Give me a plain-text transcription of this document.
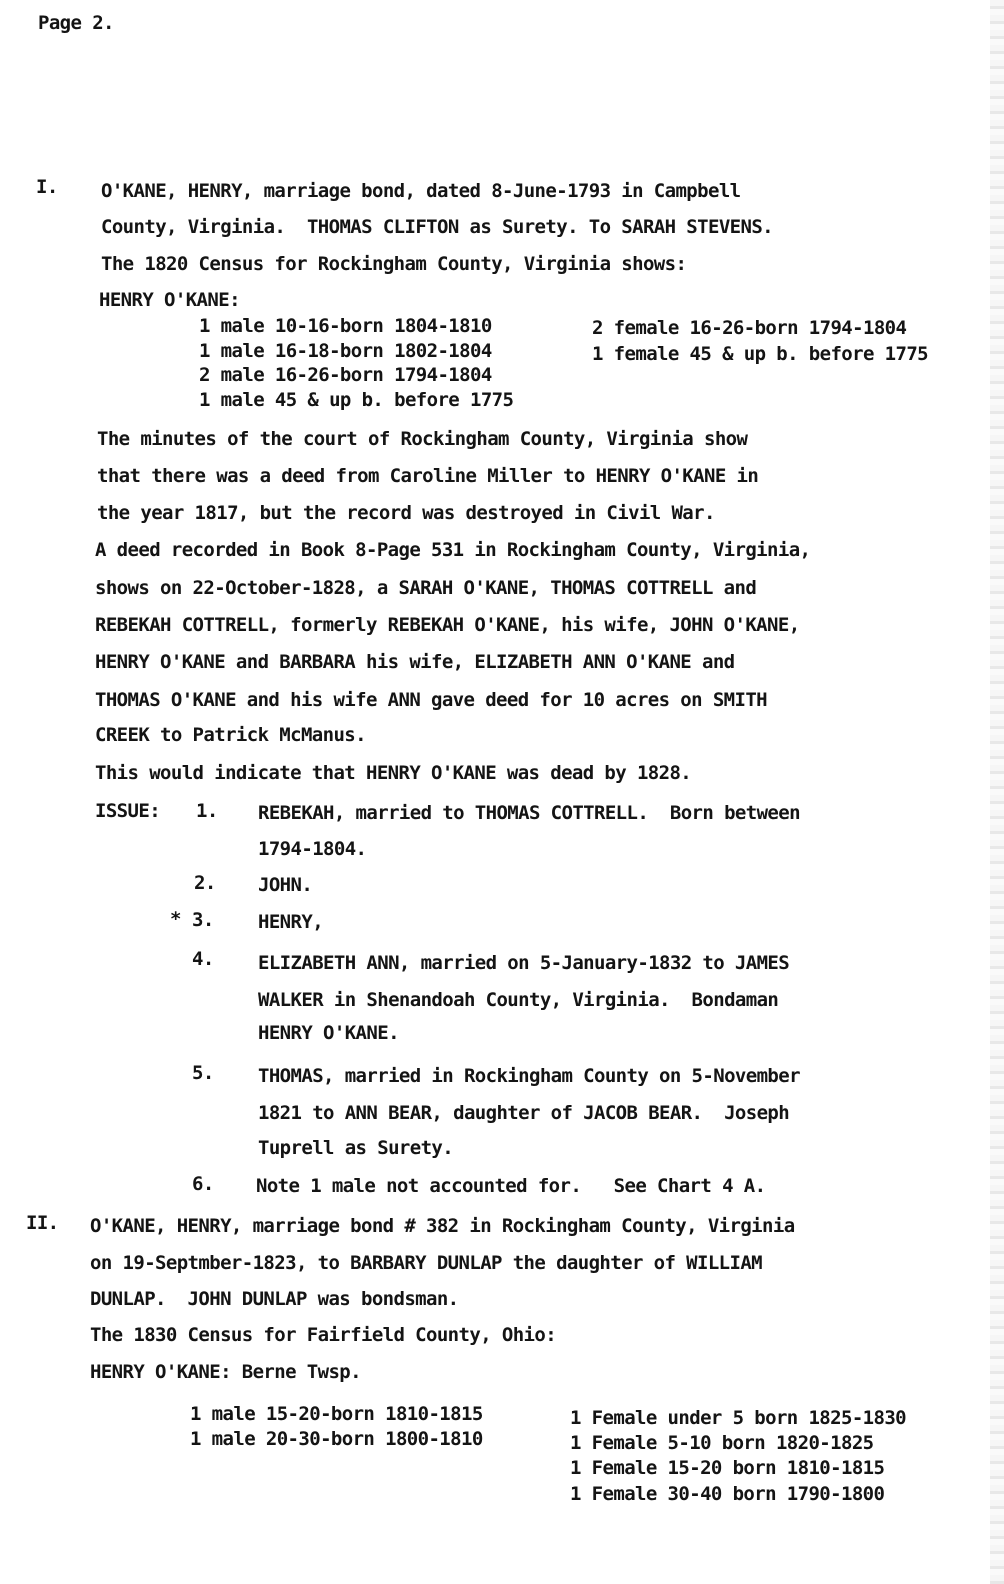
Page 2.
I. O'KANE, HENRY, marriage bond, dated 8-June-1793 in Campbell
County, Virginia.  THOMAS CLIFTON as Surety. To SARAH STEVENS.
The 1820 Census for Rockingham County, Virginia shows:
HENRY O'KANE:
1 male 10-16-born 1804-1810
1 male 16-18-born 1802-1804
2 male 16-26-born 1794-1804
1 male 45 & up b. before 1775
2 female 16-26-born 1794-1804
1 female 45 & up b. before 1775
The minutes of the court of Rockingham County, Virginia show
that there was a deed from Caroline Miller to HENRY O'KANE in
the year 1817, but the record was destroyed in Civil War.
A deed recorded in Book 8-Page 531 in Rockingham County, Virginia,
shows on 22-October-1828, a SARAH O'KANE, THOMAS COTTRELL and
REBEKAH COTTRELL, formerly REBEKAH O'KANE, his wife, JOHN O'KANE,
HENRY O'KANE and BARBARA his wife, ELIZABETH ANN O'KANE and
THOMAS O'KANE and his wife ANN gave deed for 10 acres on SMITH
CREEK to Patrick McManus.
This would indicate that HENRY O'KANE was dead by 1828.
ISSUE: 1. REBEKAH, married to THOMAS COTTRELL.  Born between
1794-1804.
2. JOHN.
* 3. HENRY,
4. ELIZABETH ANN, married on 5-January-1832 to JAMES
WALKER in Shenandoah County, Virginia.  Bondaman
HENRY O'KANE.
5. THOMAS, married in Rockingham County on 5-November
1821 to ANN BEAR, daughter of JACOB BEAR.  Joseph
Tuprell as Surety.
6. Note 1 male not accounted for.   See Chart 4 A.
II. O'KANE, HENRY, marriage bond # 382 in Rockingham County, Virginia
on 19-Septmber-1823, to BARBARY DUNLAP the daughter of WILLIAM
DUNLAP.  JOHN DUNLAP was bondsman.
The 1830 Census for Fairfield County, Ohio:
HENRY O'KANE: Berne Twsp.
1 male 15-20-born 1810-1815
1 male 20-30-born 1800-1810
1 Female under 5 born 1825-1830
1 Female 5-10 born 1820-1825
1 Female 15-20 born 1810-1815
1 Female 30-40 born 1790-1800
